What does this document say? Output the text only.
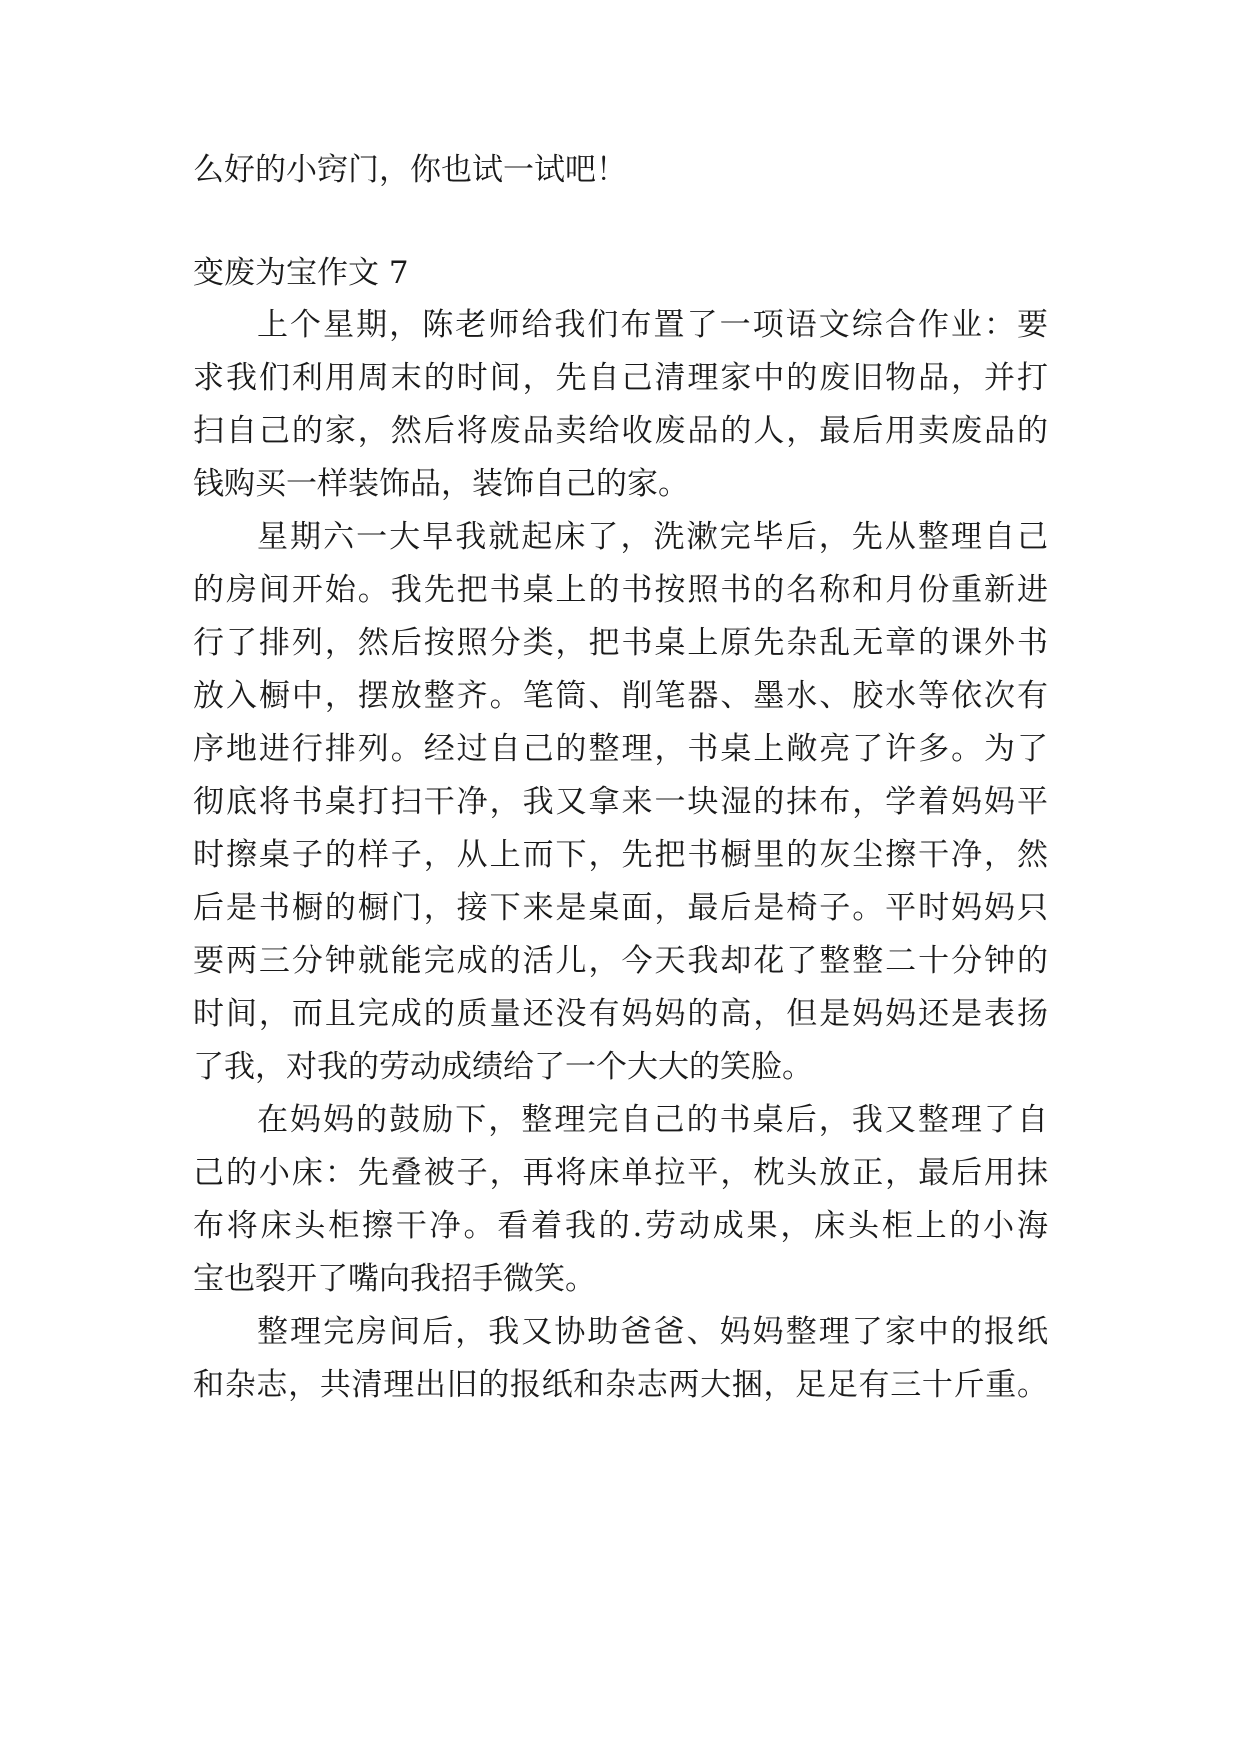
么好的小窍门，你也试一试吧！
变废为宝作文 7
上个星期，陈老师给我们布置了一项语文综合作业：要
求我们利用周末的时间，先自己清理家中的废旧物品，并打
扫自己的家，然后将废品卖给收废品的人，最后用卖废品的
钱购买一样装饰品，装饰自己的家。
星期六一大早我就起床了，洗漱完毕后，先从整理自己
的房间开始。我先把书桌上的书按照书的名称和月份重新进
行了排列，然后按照分类，把书桌上原先杂乱无章的课外书
放入橱中，摆放整齐。笔筒、削笔器、墨水、胶水等依次有
序地进行排列。经过自己的整理，书桌上敞亮了许多。为了
彻底将书桌打扫干净，我又拿来一块湿的抹布，学着妈妈平
时擦桌子的样子，从上而下，先把书橱里的灰尘擦干净，然
后是书橱的橱门，接下来是桌面，最后是椅子。平时妈妈只
要两三分钟就能完成的活儿，今天我却花了整整二十分钟的
时间，而且完成的质量还没有妈妈的高，但是妈妈还是表扬
了我，对我的劳动成绩给了一个大大的笑脸。
在妈妈的鼓励下，整理完自己的书桌后，我又整理了自
己的小床：先叠被子，再将床单拉平，枕头放正，最后用抹
布将床头柜擦干净。看着我的.劳动成果，床头柜上的小海
宝也裂开了嘴向我招手微笑。
整理完房间后，我又协助爸爸、妈妈整理了家中的报纸
和杂志，共清理出旧的报纸和杂志两大捆，足足有三十斤重。
